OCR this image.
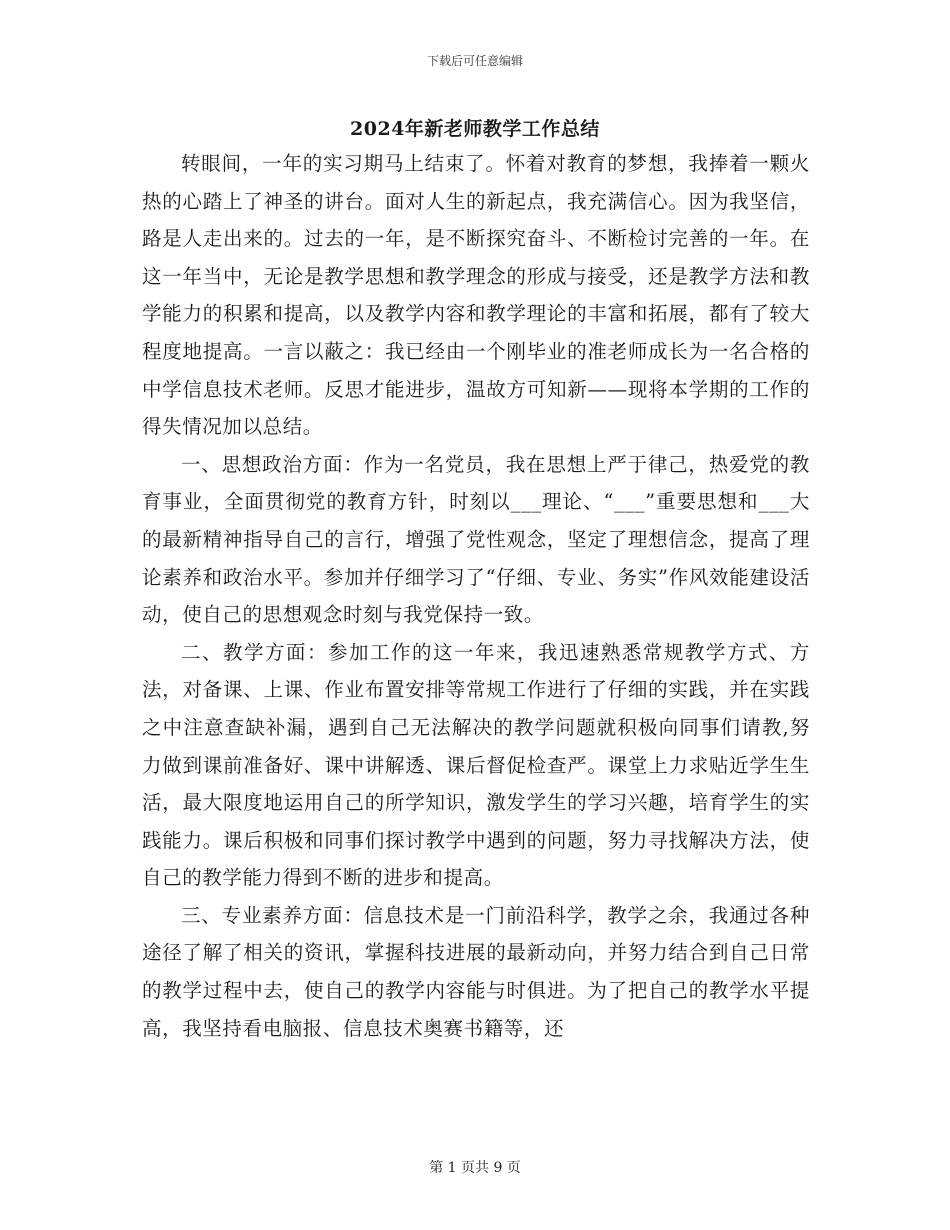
下载后可任意编辑
2024年新老师教学工作总结

转眼间，一年的实习期马上结束了。怀着对教育的梦想，我捧着一颗火热的心踏上了神圣的讲台。面对人生的新起点，我充满信心。因为我坚信，路是人走出来的。过去的一年，是不断探究奋斗、不断检讨完善的一年。在这一年当中，无论是教学思想和教学理念的形成与接受，还是教学方法和教学能力的积累和提高，以及教学内容和教学理论的丰富和拓展，都有了较大程度地提高。一言以蔽之：我已经由一个刚毕业的准老师成长为一名合格的中学信息技术老师。反思才能进步，温故方可知新——现将本学期的工作的得失情况加以总结。

一、思想政治方面：作为一名党员，我在思想上严于律己，热爱党的教育事业，全面贯彻党的教育方针，时刻以___理论、“___”重要思想和___大的最新精神指导自己的言行，增强了党性观念，坚定了理想信念，提高了理论素养和政治水平。参加并仔细学习了“仔细、专业、务实”作风效能建设活动，使自己的思想观念时刻与我党保持一致。

二、教学方面：参加工作的这一年来，我迅速熟悉常规教学方式、方法，对备课、上课、作业布置安排等常规工作进行了仔细的实践，并在实践之中注意查缺补漏，遇到自己无法解决的教学问题就积极向同事们请教,努力做到课前准备好、课中讲解透、课后督促检查严。课堂上力求贴近学生生活，最大限度地运用自己的所学知识，激发学生的学习兴趣，培育学生的实践能力。课后积极和同事们探讨教学中遇到的问题，努力寻找解决方法，使自己的教学能力得到不断的进步和提高。

三、专业素养方面：信息技术是一门前沿科学，教学之余，我通过各种途径了解了相关的资讯，掌握科技进展的最新动向，并努力结合到自己日常的教学过程中去，使自己的教学内容能与时俱进。为了把自己的教学水平提高，我坚持看电脑报、信息技术奥赛书籍等，还

第 1 页共 9 页
